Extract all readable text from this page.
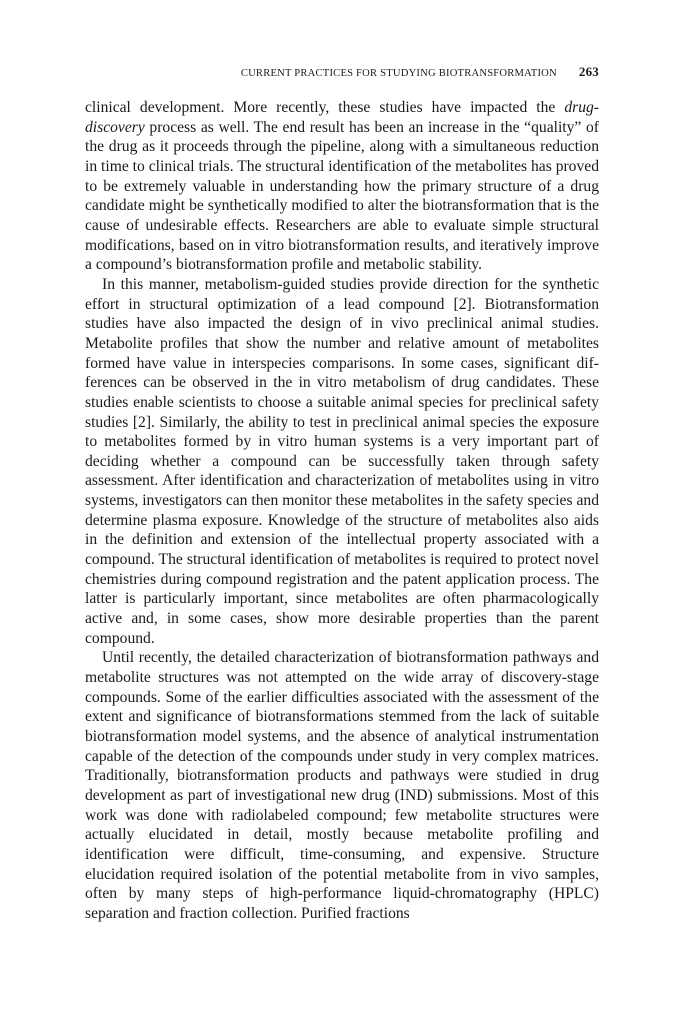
CURRENT PRACTICES FOR STUDYING BIOTRANSFORMATION 263

clinical development. More recently, these studies have impacted the drug-discovery process as well. The end result has been an increase in the “quality” of the drug as it proceeds through the pipeline, along with a simultaneous reduction in time to clinical trials. The structural identification of the metabolites has proved to be extremely valuable in understanding how the primary structure of a drug candidate might be synthetically modified to alter the biotransformation that is the cause of undesirable effects. Researchers are able to evaluate simple structural modifications, based on in vitro biotransformation results, and iteratively improve a compound’s biotransformation profile and metabolic stability.

In this manner, metabolism-guided studies provide direction for the synthetic effort in structural optimization of a lead compound [2]. Biotransformation studies have also impacted the design of in vivo preclinical animal studies. Metabolite profiles that show the number and relative amount of metabolites formed have value in interspecies comparisons. In some cases, significant differences can be observed in the in vitro metabolism of drug candidates. These studies enable scientists to choose a suitable animal species for preclinical safety studies [2]. Similarly, the ability to test in preclinical animal species the exposure to metabolites formed by in vitro human systems is a very important part of deciding whether a compound can be successfully taken through safety assessment. After identification and characterization of metabolites using in vitro systems, investigators can then monitor these metabolites in the safety species and determine plasma exposure. Knowledge of the structure of metabolites also aids in the definition and extension of the intellectual property associated with a compound. The structural identification of metabolites is required to protect novel chemistries during compound registration and the patent application process. The latter is particularly important, since metabolites are often pharmacologically active and, in some cases, show more desirable properties than the parent compound.

Until recently, the detailed characterization of biotransformation pathways and metabolite structures was not attempted on the wide array of discovery-stage compounds. Some of the earlier difficulties associated with the assessment of the extent and significance of biotransformations stemmed from the lack of suitable biotransformation model systems, and the absence of analytical instrumentation capable of the detection of the compounds under study in very complex matrices. Traditionally, biotransformation products and pathways were studied in drug development as part of investigational new drug (IND) submissions. Most of this work was done with radiolabeled compound; few metabolite structures were actually elucidated in detail, mostly because metabolite profiling and identification were difficult, time-consuming, and expensive. Structure elucidation required isolation of the potential metabolite from in vivo samples, often by many steps of high-performance liquid-chromatography (HPLC) separation and fraction collection. Purified fractions
